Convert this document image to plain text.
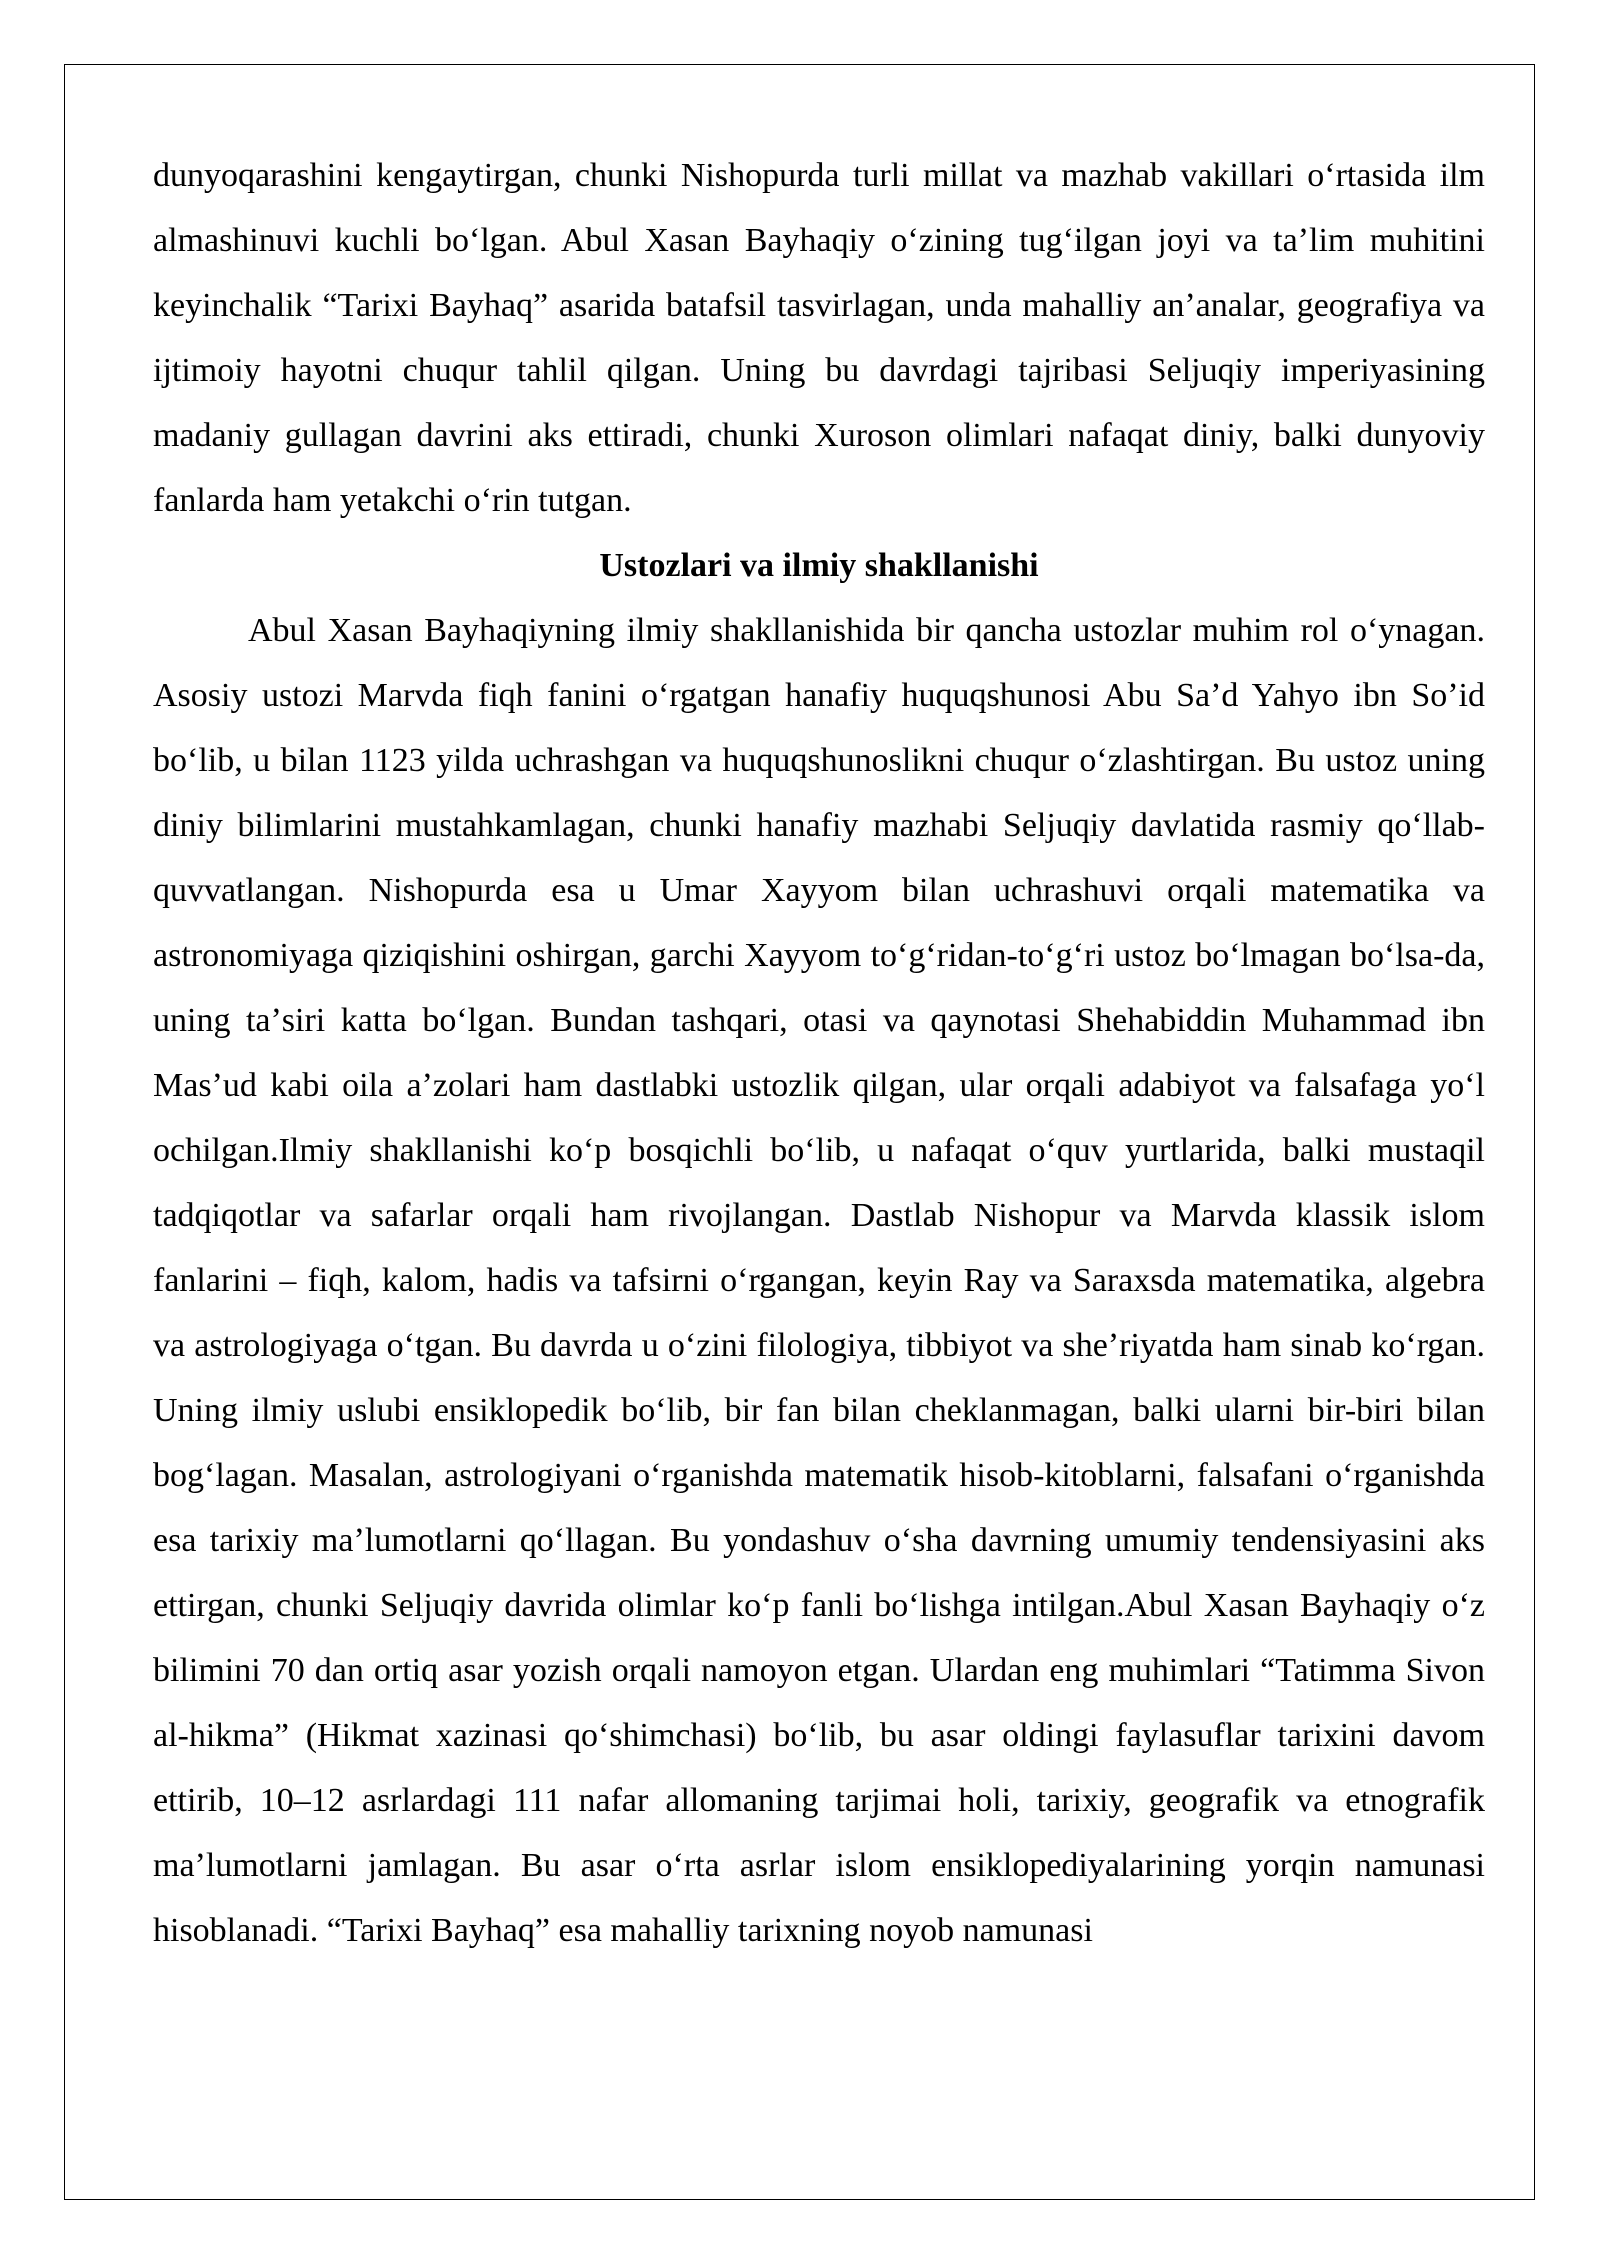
dunyoqarashini kengaytirgan, chunki Nishopurda turli millat va mazhab vakillari oʻrtasida ilm almashinuvi kuchli boʻlgan. Abul Xasan Bayhaqiy oʻzining tugʻilgan joyi va taʼlim muhitini keyinchalik “Tarixi Bayhaq” asarida batafsil tasvirlagan, unda mahalliy anʼanalar, geografiya va ijtimoiy hayotni chuqur tahlil qilgan. Uning bu davrdagi tajribasi Seljuqiy imperiyasining madaniy gullagan davrini aks ettiradi, chunki Xuroson olimlari nafaqat diniy, balki dunyoviy fanlarda ham yetakchi oʻrin tutgan.

Ustozlari va ilmiy shakllanishi

Abul Xasan Bayhaqiyning ilmiy shakllanishida bir qancha ustozlar muhim rol oʻynagan. Asosiy ustozi Marvda fiqh fanini oʻrgatgan hanafiy huquqshunosi Abu Saʼd Yahyo ibn Soʼid boʻlib, u bilan 1123 yilda uchrashgan va huquqshunoslikni chuqur oʻzlashtirgan. Bu ustoz uning diniy bilimlarini mustahkamlagan, chunki hanafiy mazhabi Seljuqiy davlatida rasmiy qoʻllab-quvvatlangan. Nishopurda esa u Umar Xayyom bilan uchrashuvi orqali matematika va astronomiyaga qiziqishini oshirgan, garchi Xayyom toʻgʻridan-toʻgʻri ustoz boʻlmagan boʻlsa-da, uning taʼsiri katta boʻlgan. Bundan tashqari, otasi va qaynotasi Shehabiddin Muhammad ibn Masʼud kabi oila aʼzolari ham dastlabki ustozlik qilgan, ular orqali adabiyot va falsafaga yoʻl ochilgan.Ilmiy shakllanishi koʻp bosqichli boʻlib, u nafaqat oʻquv yurtlarida, balki mustaqil tadqiqotlar va safarlar orqali ham rivojlangan. Dastlab Nishopur va Marvda klassik islom fanlarini – fiqh, kalom, hadis va tafsirni oʻrgangan, keyin Ray va Saraxsda matematika, algebra va astrologiyaga oʻtgan. Bu davrda u oʻzini filologiya, tibbiyot va sheʼriyatda ham sinab koʻrgan. Uning ilmiy uslubi ensiklopedik boʻlib, bir fan bilan cheklanmagan, balki ularni bir-biri bilan bogʻlagan. Masalan, astrologiyani oʻrganishda matematik hisob-kitoblarni, falsafani oʻrganishda esa tarixiy maʼlumotlarni qoʻllagan. Bu yondashuv oʻsha davrning umumiy tendensiyasini aks ettirgan, chunki Seljuqiy davrida olimlar koʻp fanli boʻlishga intilgan.Abul Xasan Bayhaqiy oʻz bilimini 70 dan ortiq asar yozish orqali namoyon etgan. Ulardan eng muhimlari “Tatimma Sivon al-hikma” (Hikmat xazinasi qoʻshimchasi) boʻlib, bu asar oldingi faylasuflar tarixini davom ettirib, 10–12 asrlardagi 111 nafar allomaning tarjimai holi, tarixiy, geografik va etnografik maʼlumotlarni jamlagan. Bu asar oʻrta asrlar islom ensiklopediyalarining yorqin namunasi hisoblanadi. “Tarixi Bayhaq” esa mahalliy tarixning noyob namunasi
